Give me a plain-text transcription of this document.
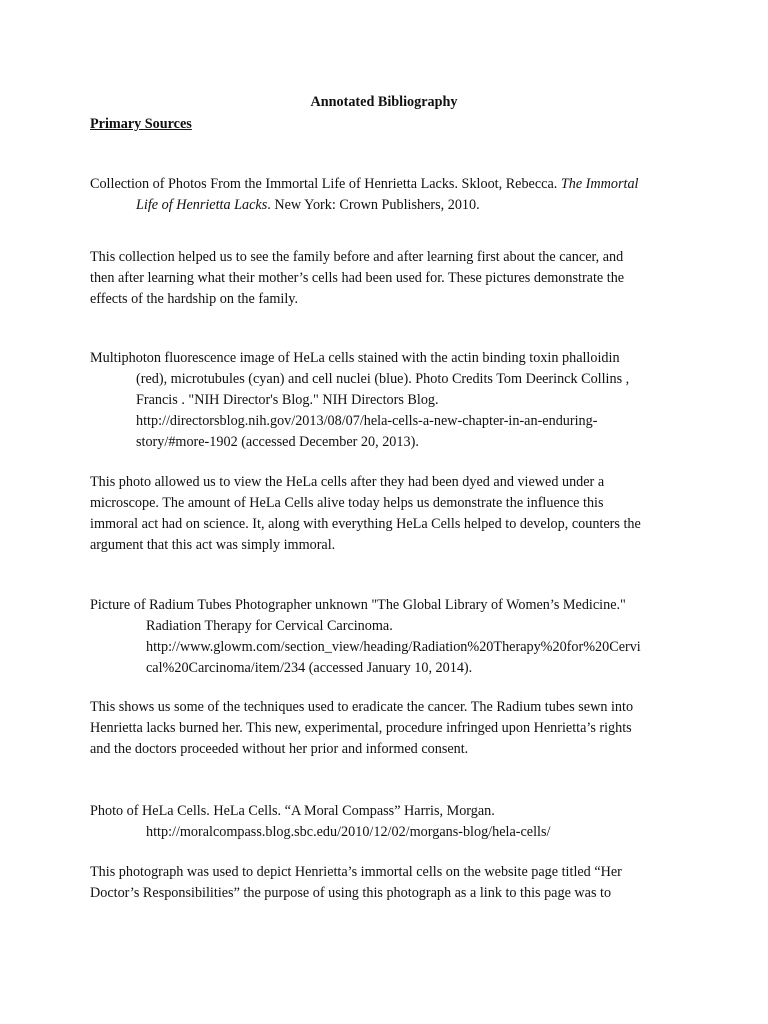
Annotated Bibliography
Primary Sources
Collection of Photos From the Immortal Life of Henrietta Lacks. Skloot, Rebecca. The Immortal
Life of Henrietta Lacks. New York: Crown Publishers, 2010.
This collection helped us to see the family before and after learning first about the cancer, and
then after learning what their mother’s cells had been used for. These pictures demonstrate the
effects of the hardship on the family.
Multiphoton fluorescence image of HeLa cells stained with the actin binding toxin phalloidin
(red), microtubules (cyan) and cell nuclei (blue). Photo Credits Tom Deerinck Collins ,
Francis . "NIH Director's Blog." NIH Directors Blog.
http://directorsblog.nih.gov/2013/08/07/hela-cells-a-new-chapter-in-an-enduring-
story/#more-1902 (accessed December 20, 2013).
This photo allowed us to view the HeLa cells after they had been dyed and viewed under a
microscope. The amount of HeLa Cells alive today helps us demonstrate the influence this
immoral act had on science. It, along with everything HeLa Cells helped to develop, counters the
argument that this act was simply immoral.
Picture of Radium Tubes Photographer unknown "The Global Library of Women’s Medicine."
Radiation Therapy for Cervical Carcinoma.
http://www.glowm.com/section_view/heading/Radiation%20Therapy%20for%20Cervi
cal%20Carcinoma/item/234 (accessed January 10, 2014).
This shows us some of the techniques used to eradicate the cancer. The Radium tubes sewn into
Henrietta lacks burned her. This new, experimental, procedure infringed upon Henrietta’s rights
and the doctors proceeded without her prior and informed consent.
Photo of HeLa Cells. HeLa Cells. “A Moral Compass” Harris, Morgan.
http://moralcompass.blog.sbc.edu/2010/12/02/morgans-blog/hela-cells/
This photograph was used to depict Henrietta’s immortal cells on the website page titled “Her
Doctor’s Responsibilities” the purpose of using this photograph as a link to this page was to
